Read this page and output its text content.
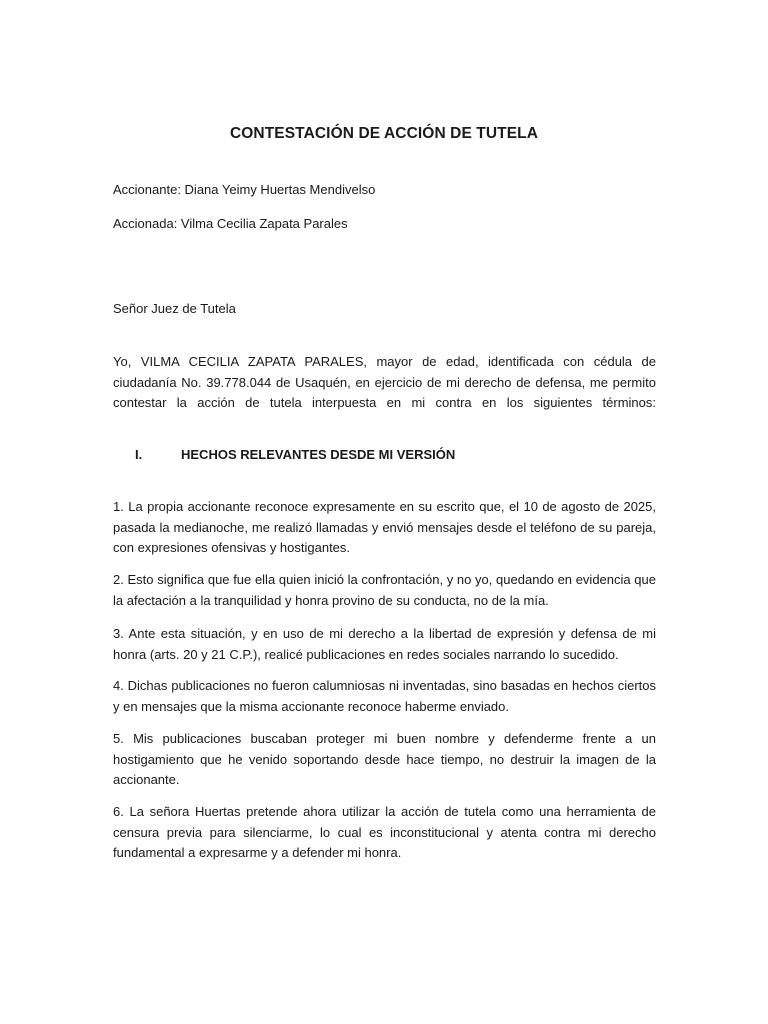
CONTESTACIÓN DE ACCIÓN DE TUTELA
Accionante: Diana Yeimy Huertas Mendivelso
Accionada: Vilma Cecilia Zapata Parales
Señor Juez de Tutela
Yo, VILMA CECILIA ZAPATA PARALES, mayor de edad, identificada con cédula de ciudadanía No. 39.778.044 de Usaquén, en ejercicio de mi derecho de defensa, me permito contestar la acción de tutela interpuesta en mi contra en los siguientes términos:
I.	HECHOS RELEVANTES DESDE MI VERSIÓN
1. La propia accionante reconoce expresamente en su escrito que, el 10 de agosto de 2025, pasada la medianoche, me realizó llamadas y envió mensajes desde el teléfono de su pareja, con expresiones ofensivas y hostigantes.
2. Esto significa que fue ella quien inició la confrontación, y no yo, quedando en evidencia que la afectación a la tranquilidad y honra provino de su conducta, no de la mía.
3. Ante esta situación, y en uso de mi derecho a la libertad de expresión y defensa de mi honra (arts. 20 y 21 C.P.), realicé publicaciones en redes sociales narrando lo sucedido.
4. Dichas publicaciones no fueron calumniosas ni inventadas, sino basadas en hechos ciertos y en mensajes que la misma accionante reconoce haberme enviado.
5. Mis publicaciones buscaban proteger mi buen nombre y defenderme frente a un hostigamiento que he venido soportando desde hace tiempo, no destruir la imagen de la accionante.
6. La señora Huertas pretende ahora utilizar la acción de tutela como una herramienta de censura previa para silenciarme, lo cual es inconstitucional y atenta contra mi derecho fundamental a expresarme y a defender mi honra.
